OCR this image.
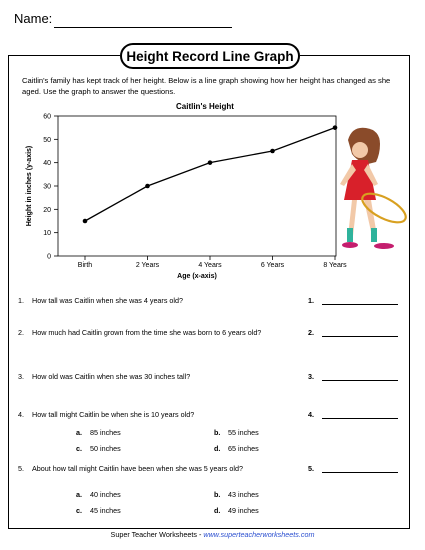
Name:
Height Record Line Graph
Caitlin's family has kept track of her height. Below is a line graph showing how her height has changed as she aged. Use the graph to answer the questions.
Caitlin's Height
0
10
20
30
40
50
60
Birth	2 Years	4 Years	6 Years	8 Years
Age (x-axis)
Height in inches (y-axis)
1. How tall was Caitlin when she was 4 years old?	1.
2. How much had Caitlin grown from the time she was born to 6 years old?	2.
3. How old was Caitlin when she was 30 inches tall?	3.
4. How tall might Caitlin be when she is 10 years old?	4.
a. 85 inches	b. 55 inches
c. 50 inches	d. 65 inches
5. About how tall might Caitlin have been when she was 5 years old?	5.
a. 40 inches	b. 43 inches
c. 45 inches	d. 49 inches
Super Teacher Worksheets - www.superteacherworksheets.com
